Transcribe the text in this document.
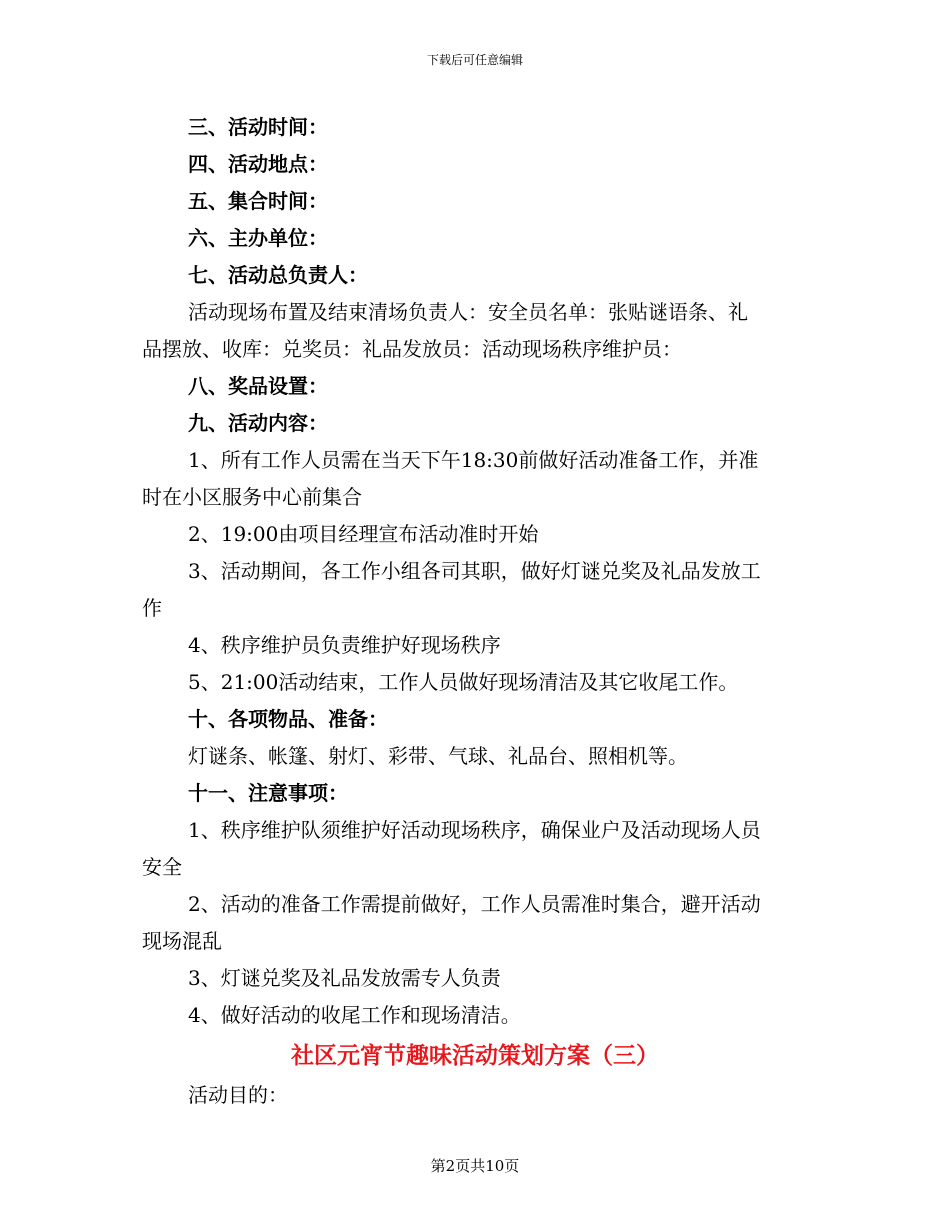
下载后可任意编辑
三、活动时间：
四、活动地点：
五、集合时间：
六、主办单位：
七、活动总负责人：
活动现场布置及结束清场负责人：安全员名单：张贴谜语条、礼
品摆放、收库：兑奖员：礼品发放员：活动现场秩序维护员：
八、奖品设置：
九、活动内容：
1、所有工作人员需在当天下午18:30前做好活动准备工作，并准
时在小区服务中心前集合
2、19:00由项目经理宣布活动准时开始
3、活动期间，各工作小组各司其职，做好灯谜兑奖及礼品发放工
作
4、秩序维护员负责维护好现场秩序
5、21:00活动结束，工作人员做好现场清洁及其它收尾工作。
十、各项物品、准备：
灯谜条、帐篷、射灯、彩带、气球、礼品台、照相机等。
十一、注意事项：
1、秩序维护队须维护好活动现场秩序，确保业户及活动现场人员
安全
2、活动的准备工作需提前做好，工作人员需准时集合，避开活动
现场混乱
3、灯谜兑奖及礼品发放需专人负责
4、做好活动的收尾工作和现场清洁。
社区元宵节趣味活动策划方案（三）
活动目的：
第2页共10页
